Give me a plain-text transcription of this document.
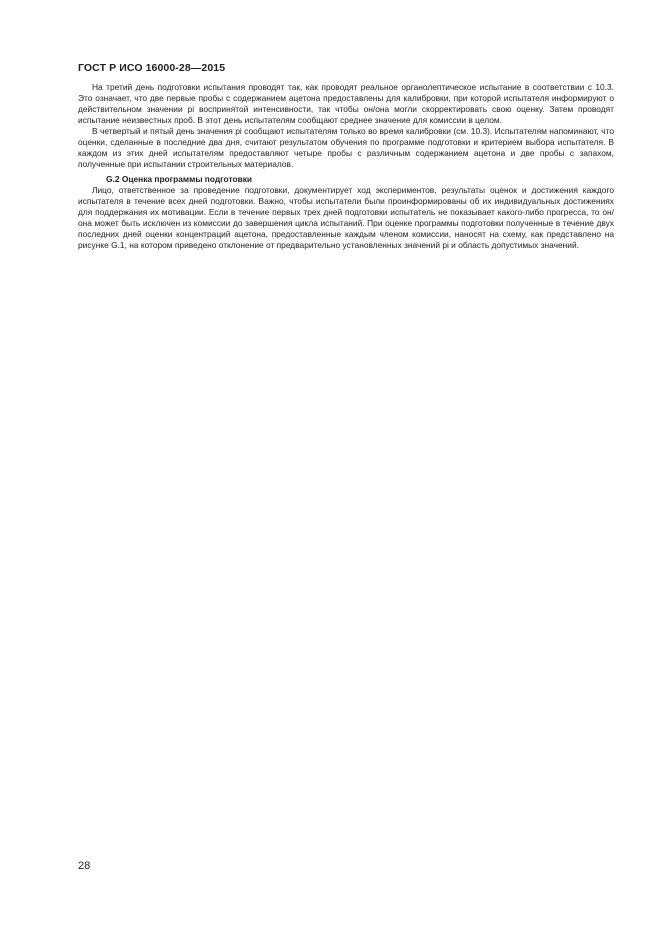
ГОСТ Р ИСО 16000-28—2015

На третий день подготовки испытания проводят так, как проводят реальное органолептическое испытание в соответствии с 10.3. Это означает, что две первые пробы с содержанием ацетона предоставлены для калибровки, при которой испытателя информируют о действительном значении pi воспринятой интенсивности, так чтобы он/она могли скорректировать свою оценку. Затем проводят испытание неизвестных проб. В этот день испытателям сообщают среднее значение для комиссии в целом.

В четвертый и пятый день значения pi сообщают испытателям только во время калибровки (см. 10.3). Испытателям напоминают, что оценки, сделанные в последние два дня, считают результатом обучения по программе подготовки и критерием выбора испытателя. В каждом из этих дней испытателям предоставляют четыре пробы с различным содержанием ацетона и две пробы с запахом, полученные при испытании строительных материалов.

G.2 Оценка программы подготовки

Лицо, ответственное за проведение подготовки, документирует ход экспериментов, результаты оценок и достижения каждого испытателя в течение всех дней подготовки. Важно, чтобы испытатели были проинформированы об их индивидуальных достижениях для поддержания их мотивации. Если в течение первых трех дней подготовки испытатель не показывает какого-либо прогресса, то он/она может быть исключен из комиссии до завершения цикла испытаний. При оценке программы подготовки полученные в течение двух последних дней оценки концентраций ацетона, предоставленные каждым членом комиссии, наносят на схему, как представлено на рисунке G.1, на котором приведено отклонение от предварительно установленных значений pi и область допустимых значений.

28
